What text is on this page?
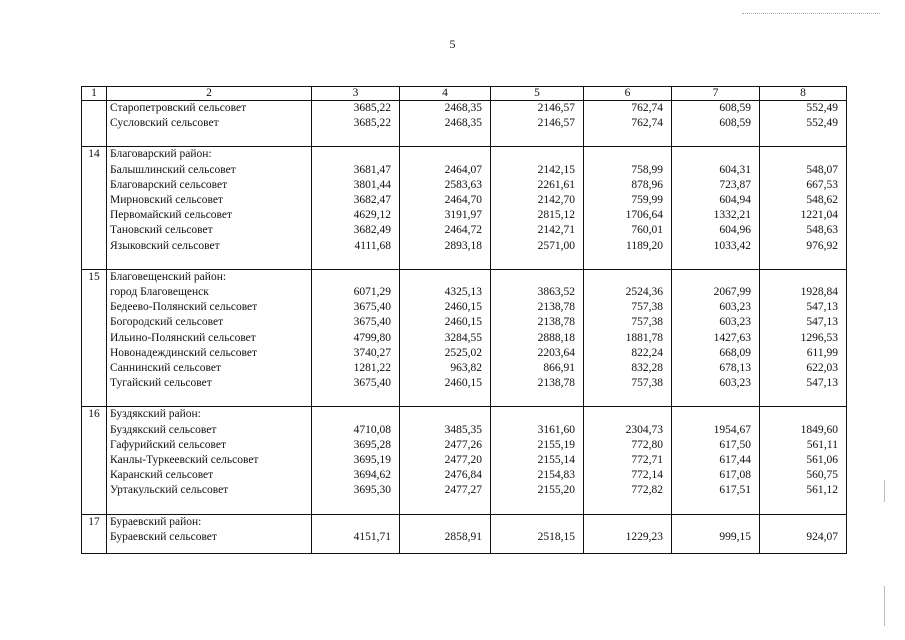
5
1	2	3	4	5	6	7	8
	Старопетровский сельсовет	3685,22	2468,35	2146,57	762,74	608,59	552,49
	Сусловский сельсовет	3685,22	2468,35	2146,57	762,74	608,59	552,49

14	Благоварский район:						
	Балышлинский сельсовет	3681,47	2464,07	2142,15	758,99	604,31	548,07
	Благоварский сельсовет	3801,44	2583,63	2261,61	878,96	723,87	667,53
	Мирновский сельсовет	3682,47	2464,70	2142,70	759,99	604,94	548,62
	Первомайский сельсовет	4629,12	3191,97	2815,12	1706,64	1332,21	1221,04
	Тановский сельсовет	3682,49	2464,72	2142,71	760,01	604,96	548,63
	Языковский сельсовет	4111,68	2893,18	2571,00	1189,20	1033,42	976,92

15	Благовещенский район:						
	город Благовещенск	6071,29	4325,13	3863,52	2524,36	2067,99	1928,84
	Бедеево-Полянский сельсовет	3675,40	2460,15	2138,78	757,38	603,23	547,13
	Богородский сельсовет	3675,40	2460,15	2138,78	757,38	603,23	547,13
	Ильино-Полянский сельсовет	4799,80	3284,55	2888,18	1881,78	1427,63	1296,53
	Новонадеждинский сельсовет	3740,27	2525,02	2203,64	822,24	668,09	611,99
	Саннинский сельсовет	1281,22	963,82	866,91	832,28	678,13	622,03
	Тугайский сельсовет	3675,40	2460,15	2138,78	757,38	603,23	547,13

16	Буздякский район:						
	Буздякский сельсовет	4710,08	3485,35	3161,60	2304,73	1954,67	1849,60
	Гафурийский сельсовет	3695,28	2477,26	2155,19	772,80	617,50	561,11
	Канлы-Туркеевский сельсовет	3695,19	2477,20	2155,14	772,71	617,44	561,06
	Каранский сельсовет	3694,62	2476,84	2154,83	772,14	617,08	560,75
	Уртакульский сельсовет	3695,30	2477,27	2155,20	772,82	617,51	561,12

17	Бураевский район:						
	Бураевский сельсовет	4151,71	2858,91	2518,15	1229,23	999,15	924,07
